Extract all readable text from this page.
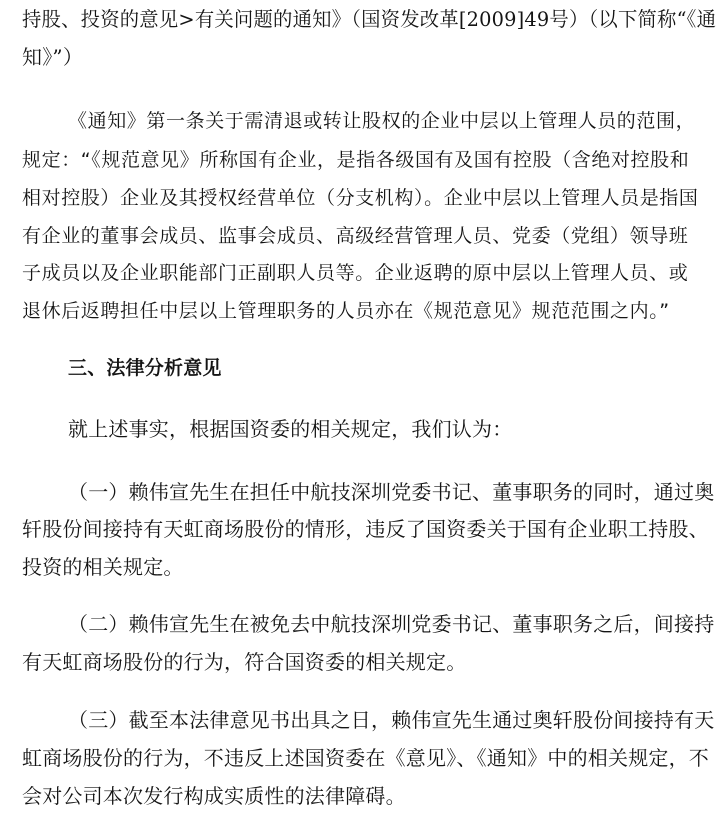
持股、投资的意见>有关问题的通知》（国资发改革[2009]49号）（以下简称“《通
知》”）
《通知》第一条关于需清退或转让股权的企业中层以上管理人员的范围，
规定：“《规范意见》所称国有企业，是指各级国有及国有控股（含绝对控股和
相对控股）企业及其授权经营单位（分支机构）。企业中层以上管理人员是指国
有企业的董事会成员、监事会成员、高级经营管理人员、党委（党组）领导班
子成员以及企业职能部门正副职人员等。企业返聘的原中层以上管理人员、或
退休后返聘担任中层以上管理职务的人员亦在《规范意见》规范范围之内。”
三、法律分析意见
就上述事实，根据国资委的相关规定，我们认为：
（一）赖伟宣先生在担任中航技深圳党委书记、董事职务的同时，通过奥
轩股份间接持有天虹商场股份的情形，违反了国资委关于国有企业职工持股、
投资的相关规定。
（二）赖伟宣先生在被免去中航技深圳党委书记、董事职务之后，间接持
有天虹商场股份的行为，符合国资委的相关规定。
（三）截至本法律意见书出具之日，赖伟宣先生通过奥轩股份间接持有天
虹商场股份的行为，不违反上述国资委在《意见》、《通知》中的相关规定，不
会对公司本次发行构成实质性的法律障碍。
